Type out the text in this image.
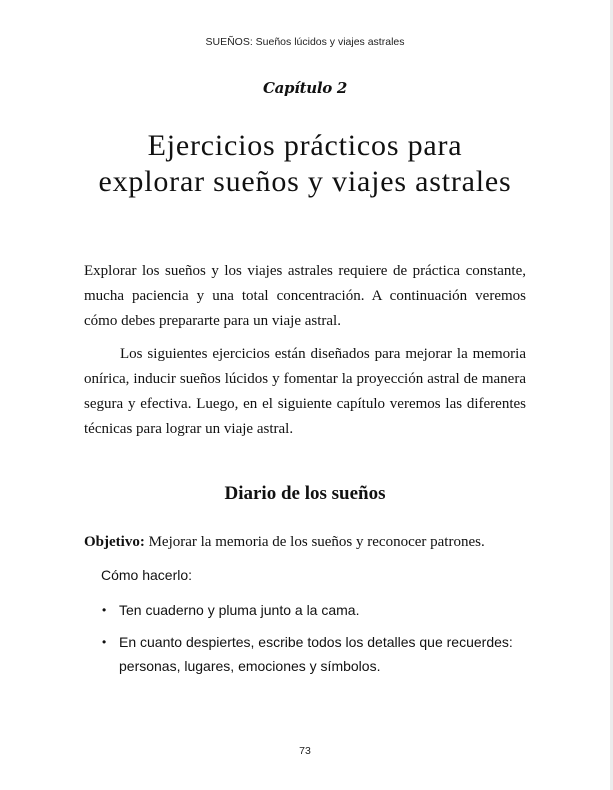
SUEÑOS: Sueños lúcidos y viajes astrales
Capítulo 2
Ejercicios prácticos para
explorar sueños y viajes astrales

Explorar los sueños y los viajes astrales requiere de práctica constante, mucha paciencia y una total concentración. A continuación veremos cómo debes prepararte para un viaje astral.

Los siguientes ejercicios están diseñados para mejorar la memoria onírica, inducir sueños lúcidos y fomentar la proyección astral de manera segura y efectiva. Luego, en el siguiente capítulo veremos las diferentes técnicas para lograr un viaje astral.

Diario de los sueños
Objetivo: Mejorar la memoria de los sueños y reconocer patrones.
Cómo hacerlo:
• Ten cuaderno y pluma junto a la cama.
• En cuanto despiertes, escribe todos los detalles que recuerdes: personas, lugares, emociones y símbolos.
73
